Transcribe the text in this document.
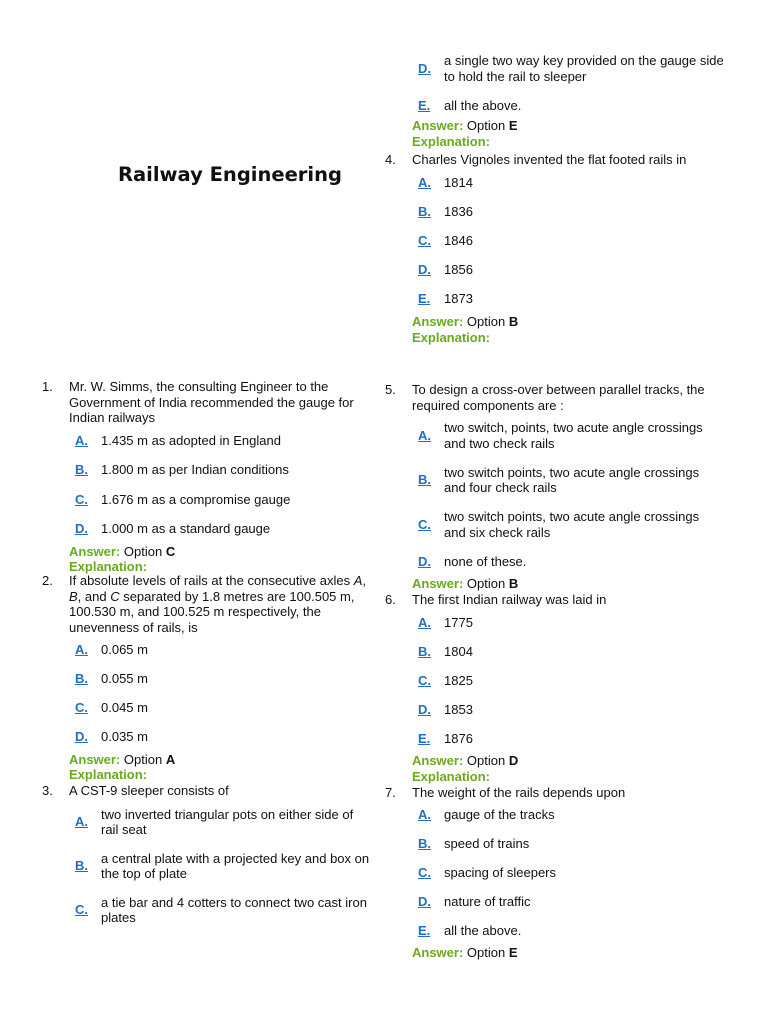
Railway Engineering
D.
a single two way key provided on the gauge side to hold the rail to sleeper
E.	all the above.
Answer: Option E
Explanation:
4.	Charles Vignoles invented the flat footed rails in
A.	1814
B.	1836
C.	1846
D.	1856
E.	1873
Answer: Option B
Explanation:
1.	Mr. W. Simms, the consulting Engineer to the Government of India recommended the gauge for Indian railways
A.	1.435 m as adopted in England
B.	1.800 m as per Indian conditions
C.	1.676 m as a compromise gauge
D.	1.000 m as a standard gauge
Answer: Option C
Explanation:
2.	If absolute levels of rails at the consecutive axles A, B, and C separated by 1.8 metres are 100.505 m, 100.530 m, and 100.525 m respectively, the unevenness of rails, is
A.	0.065 m
B.	0.055 m
C.	0.045 m
D.	0.035 m
Answer: Option A
Explanation:
3.	A CST-9 sleeper consists of
A.
two inverted triangular pots on either side of rail seat
B.
a central plate with a projected key and box on the top of plate
C.
a tie bar and 4 cotters to connect two cast iron plates
5.	To design a cross-over between parallel tracks, the required components are :
A.
two switch, points, two acute angle crossings and two check rails
B.
two switch points, two acute angle crossings and four check rails
C.
two switch points, two acute angle crossings and six check rails
D.	none of these.
Answer: Option B
6.	The first Indian railway was laid in
A.	1775
B.	1804
C.	1825
D.	1853
E.	1876
Answer: Option D
Explanation:
7.	The weight of the rails depends upon
A.	gauge of the tracks
B.	speed of trains
C.	spacing of sleepers
D.	nature of traffic
E.	all the above.
Answer: Option E
